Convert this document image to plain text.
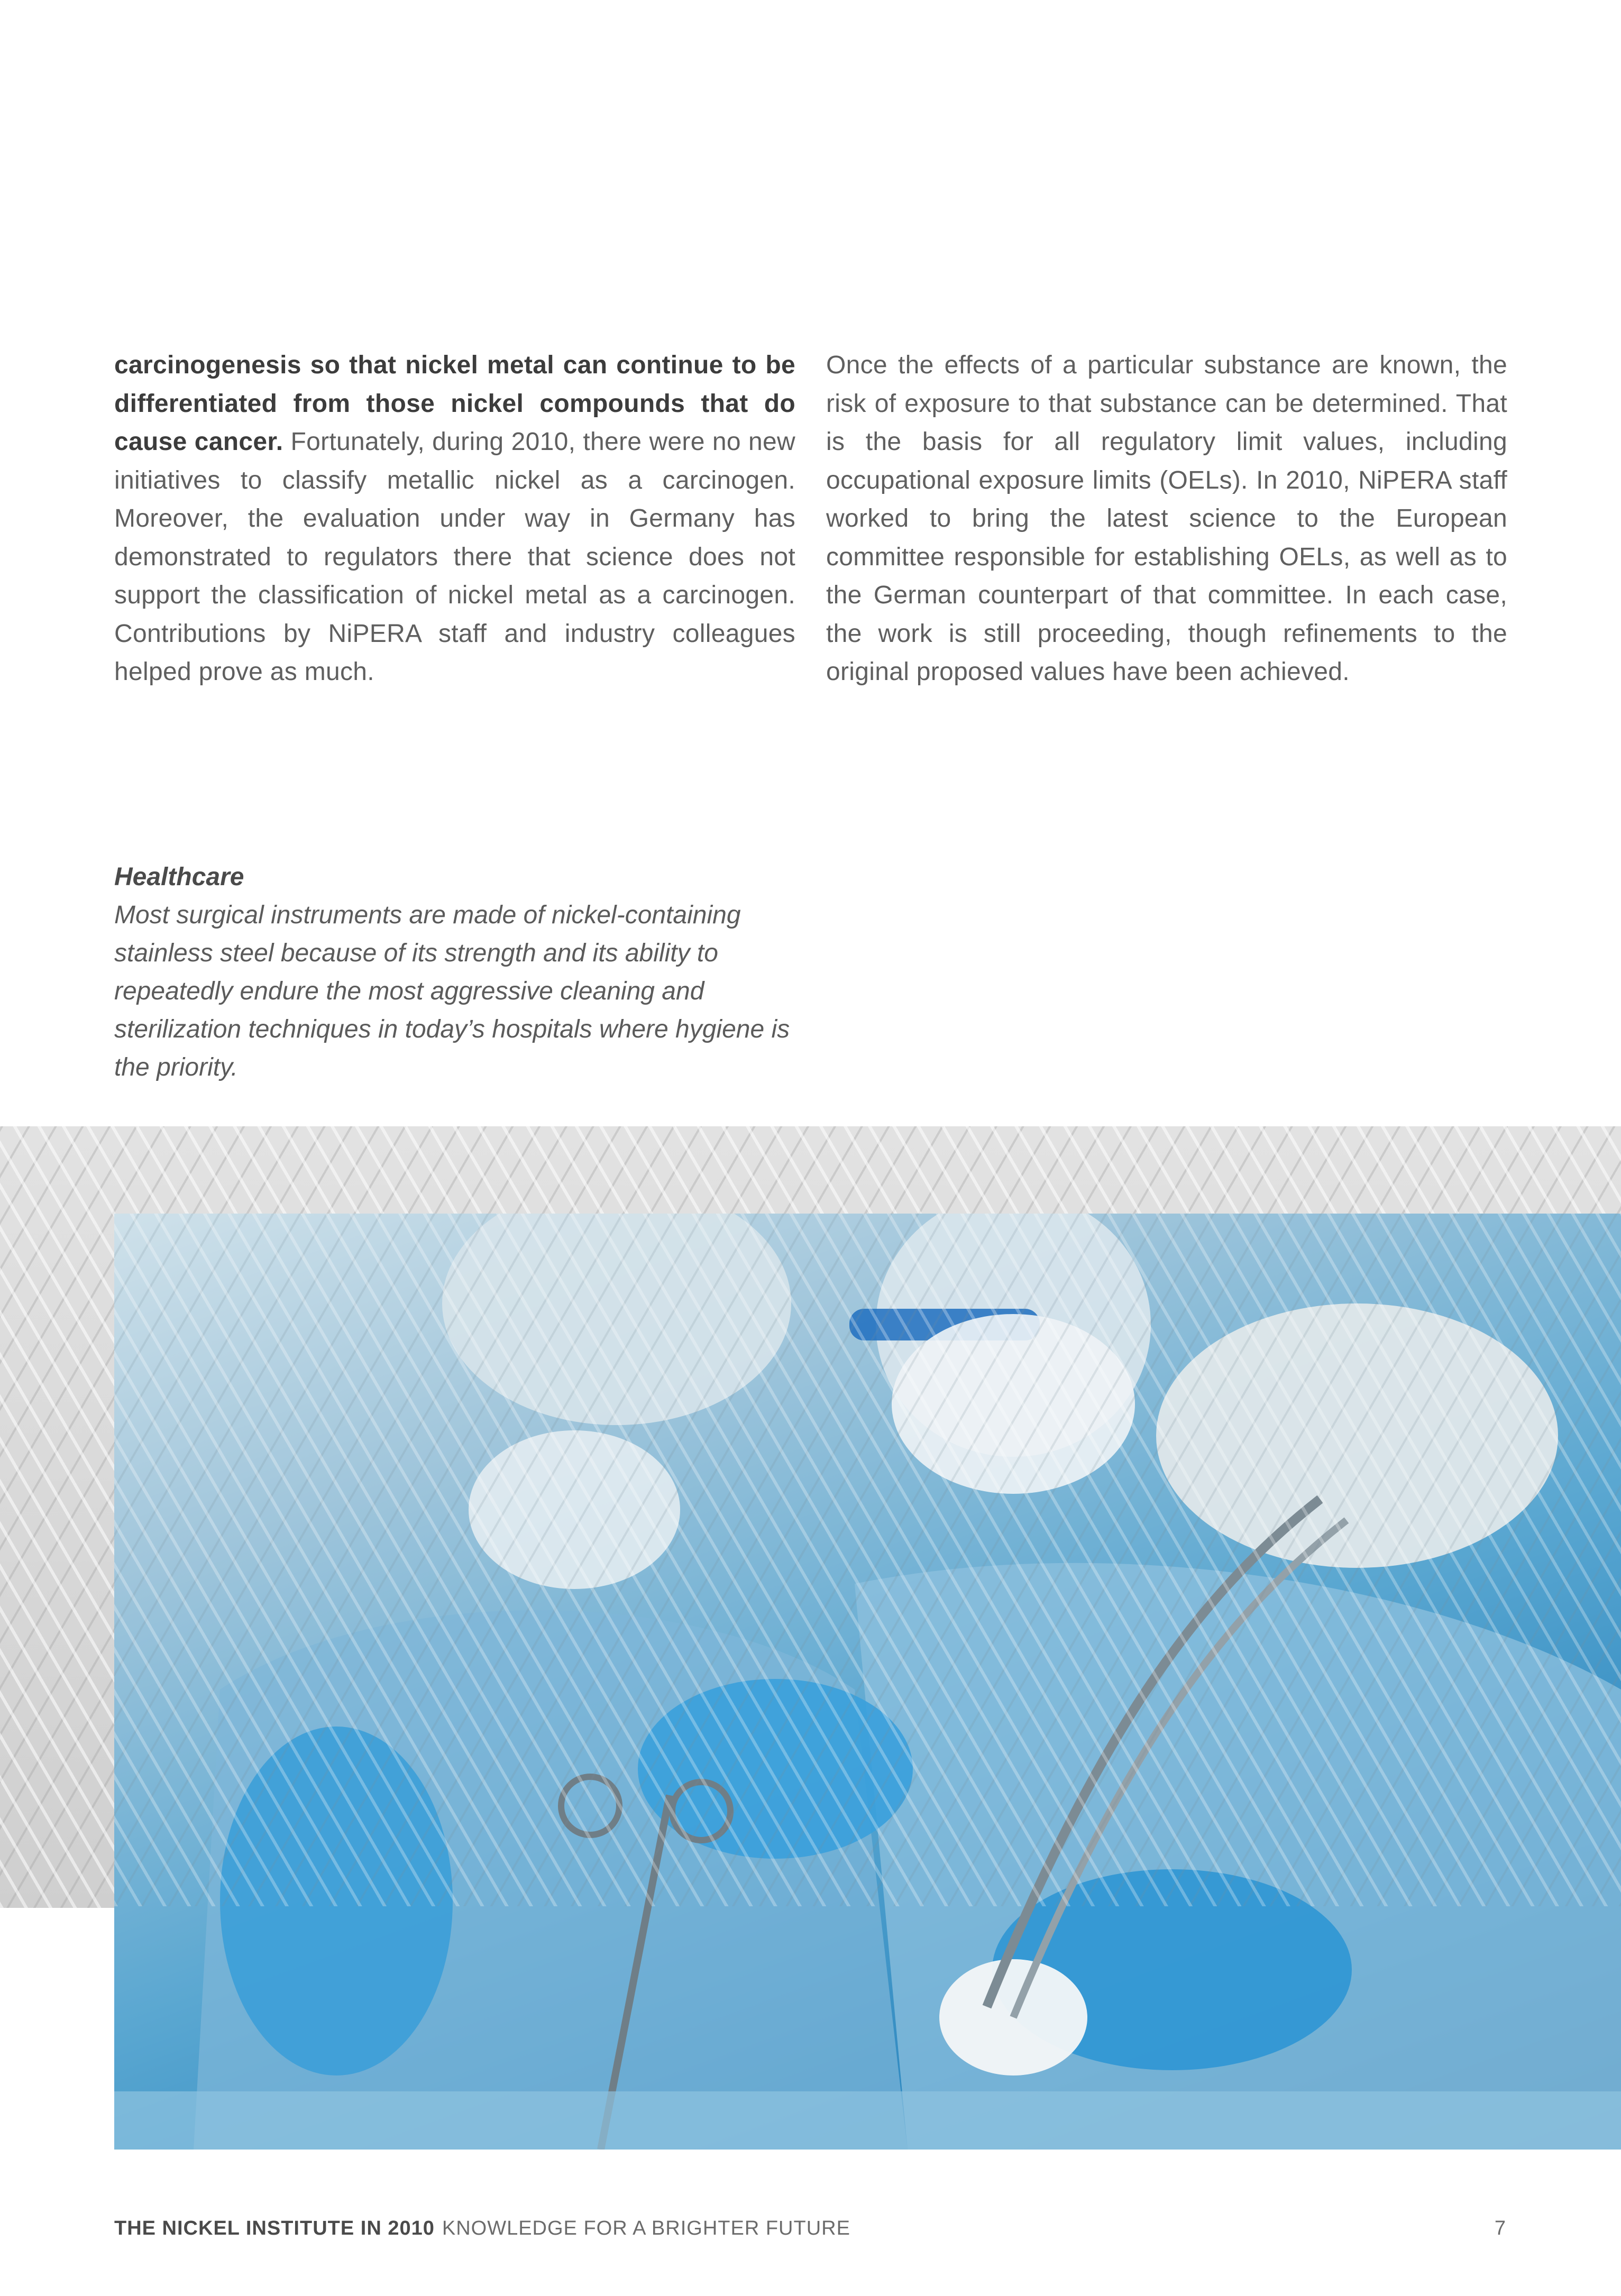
carcinogenesis so that nickel metal can continue to be differentiated from those nickel compounds that do cause cancer. Fortunately, during 2010, there were no new initiatives to classify metallic nickel as a carcinogen. Moreover, the evaluation under way in Germany has demonstrated to regulators there that science does not support the classification of nickel metal as a carcinogen. Contributions by NiPERA staff and industry colleagues helped prove as much.

Once the effects of a particular substance are known, the risk of exposure to that substance can be determined. That is the basis for all regulatory limit values, including occupational exposure limits (OELs). In 2010, NiPERA staff worked to bring the latest science to the European committee responsible for establishing OELs, as well as to the German counterpart of that committee. In each case, the work is still proceeding, though refinements to the original proposed values have been achieved.

Healthcare
Most surgical instruments are made of nickel-containing stainless steel because of its strength and its ability to repeatedly endure the most aggressive cleaning and sterilization techniques in today’s hospitals where hygiene is the priority.
THE NICKEL INSTITUTE IN 2010 KNOWLEDGE FOR A BRIGHTER FUTURE	7
